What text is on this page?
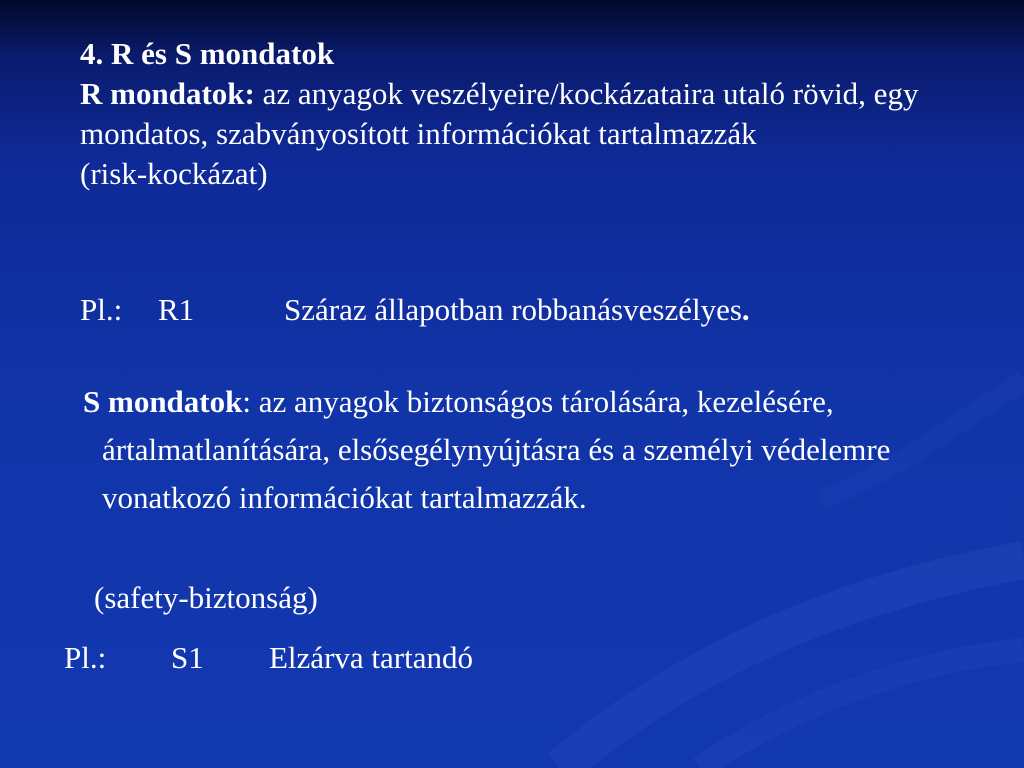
4. R és S mondatok

R mondatok: az anyagok veszélyeire/kockázataira utaló rövid, egy mondatos, szabványosított információkat tartalmazzák

(risk-kockázat)

Pl.: R1	Száraz állapotban robbanásveszélyes.
S mondatok: az anyagok biztonságos tárolására, kezelésére, ártalmatlanítására, elsősegélynyújtásra és a személyi védelemre vonatkozó információkat tartalmazzák.
(safety-biztonság)
Pl.: S1 Elzárva tartandó
